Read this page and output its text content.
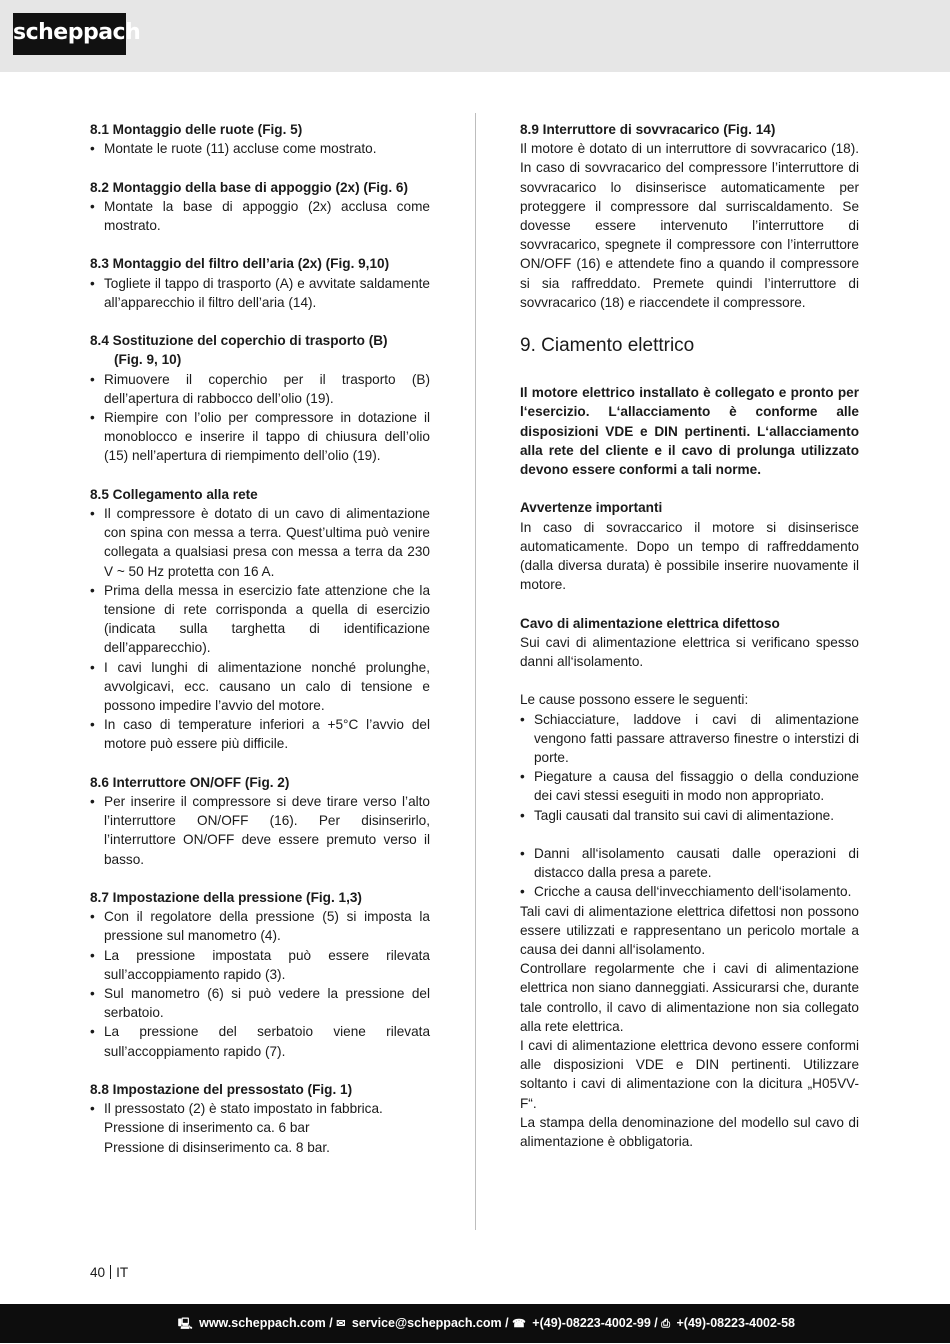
scheppach
8.1 Montaggio delle ruote (Fig. 5)
• Montate le ruote (11) accluse come mostrato.
8.2 Montaggio della base di appoggio (2x) (Fig. 6)
• Montate la base di appoggio (2x) acclusa come mostrato.
8.3 Montaggio del filtro dell’aria (2x) (Fig. 9,10)
• Togliete il tappo di trasporto (A) e avvitate saldamente all’apparecchio il filtro dell’aria (14).
8.4 Sostituzione del coperchio di trasporto (B)
(Fig. 9, 10)
• Rimuovere il coperchio per il trasporto (B) dell’apertura di rabbocco dell’olio (19).
• Riempire con l’olio per compressore in dotazione il monoblocco e inserire il tappo di chiusura dell’olio (15) nell’apertura di riempimento dell’olio (19).
8.5 Collegamento alla rete
• Il compressore è dotato di un cavo di alimentazione con spina con messa a terra. Quest’ultima può venire collegata a qualsiasi presa con messa a terra da 230 V ~ 50 Hz protetta con 16 A.
• Prima della messa in esercizio fate attenzione che la tensione di rete corrisponda a quella di esercizio (indicata sulla targhetta di identificazione dell’apparecchio).
• I cavi lunghi di alimentazione nonché prolunghe, avvolgicavi, ecc. causano un calo di tensione e possono impedire l’avvio del motore.
• In caso di temperature inferiori a +5°C l’avvio del motore può essere più difficile.
8.6 Interruttore ON/OFF (Fig. 2)
• Per inserire il compressore si deve tirare verso l’alto l’interruttore ON/OFF (16). Per disinserirlo, l’interruttore ON/OFF deve essere premuto verso il basso.
8.7 Impostazione della pressione (Fig. 1,3)
• Con il regolatore della pressione (5) si imposta la pressione sul manometro (4).
• La pressione impostata può essere rilevata sull’accoppiamento rapido (3).
• Sul manometro (6) si può vedere la pressione del serbatoio.
• La pressione del serbatoio viene rilevata sull’accoppiamento rapido (7).
8.8 Impostazione del pressostato (Fig. 1)
• Il pressostato (2) è stato impostato in fabbrica.
Pressione di inserimento ca. 6 bar
Pressione di disinserimento ca. 8 bar.
8.9 Interruttore di sovvracarico (Fig. 14)

Il motore è dotato di un interruttore di sovvracarico (18). In caso di sovvracarico del compressore l’interruttore di sovvracarico lo disinserisce automaticamente per proteggere il compressore dal surriscaldamento. Se dovesse essere intervenuto l’interruttore di sovvracarico, spegnete il compressore con l’interruttore ON/OFF (16) e attendete fino a quando il compressore si sia raffreddato. Premete quindi l’interruttore di sovvracarico (18) e riaccendete il compressore.

9. Ciamento elettrico

Il motore elettrico installato è collegato e pronto per l‘esercizio. L‘allacciamento è conforme alle disposizioni VDE e DIN pertinenti. L‘allacciamento alla rete del cliente e il cavo di prolunga utilizzato devono essere conformi a tali norme.

Avvertenze importanti

In caso di sovraccarico il motore si disinserisce automaticamente. Dopo un tempo di raffreddamento (dalla diversa durata) è possibile inserire nuovamente il motore.

Cavo di alimentazione elettrica difettoso

Sui cavi di alimentazione elettrica si verificano spesso danni all‘isolamento.

Le cause possono essere le seguenti:

• Schiacciature, laddove i cavi di alimentazione vengono fatti passare attraverso finestre o interstizi di porte.
• Piegature a causa del fissaggio o della conduzione dei cavi stessi eseguiti in modo non appropriato.
• Tagli causati dal transito sui cavi di alimentazione.
• Danni all‘isolamento causati dalle operazioni di distacco dalla presa a parete.
• Cricche a causa dell‘invecchiamento dell‘isolamento.

Tali cavi di alimentazione elettrica difettosi non possono essere utilizzati e rappresentano un pericolo mortale a causa dei danni all‘isolamento.

Controllare regolarmente che i cavi di alimentazione elettrica non siano danneggiati. Assicurarsi che, durante tale controllo, il cavo di alimentazione non sia collegato alla rete elettrica.

I cavi di alimentazione elettrica devono essere conformi alle disposizioni VDE e DIN pertinenti. Utilizzare soltanto i cavi di alimentazione con la dicitura „H05VV-F“.

La stampa della denominazione del modello sul cavo di alimentazione è obbligatoria.

40 IT
🖳 www.scheppach.com / ✉ service@scheppach.com / ☎ +(49)-08223-4002-99 / ⎙ +(49)-08223-4002-58
